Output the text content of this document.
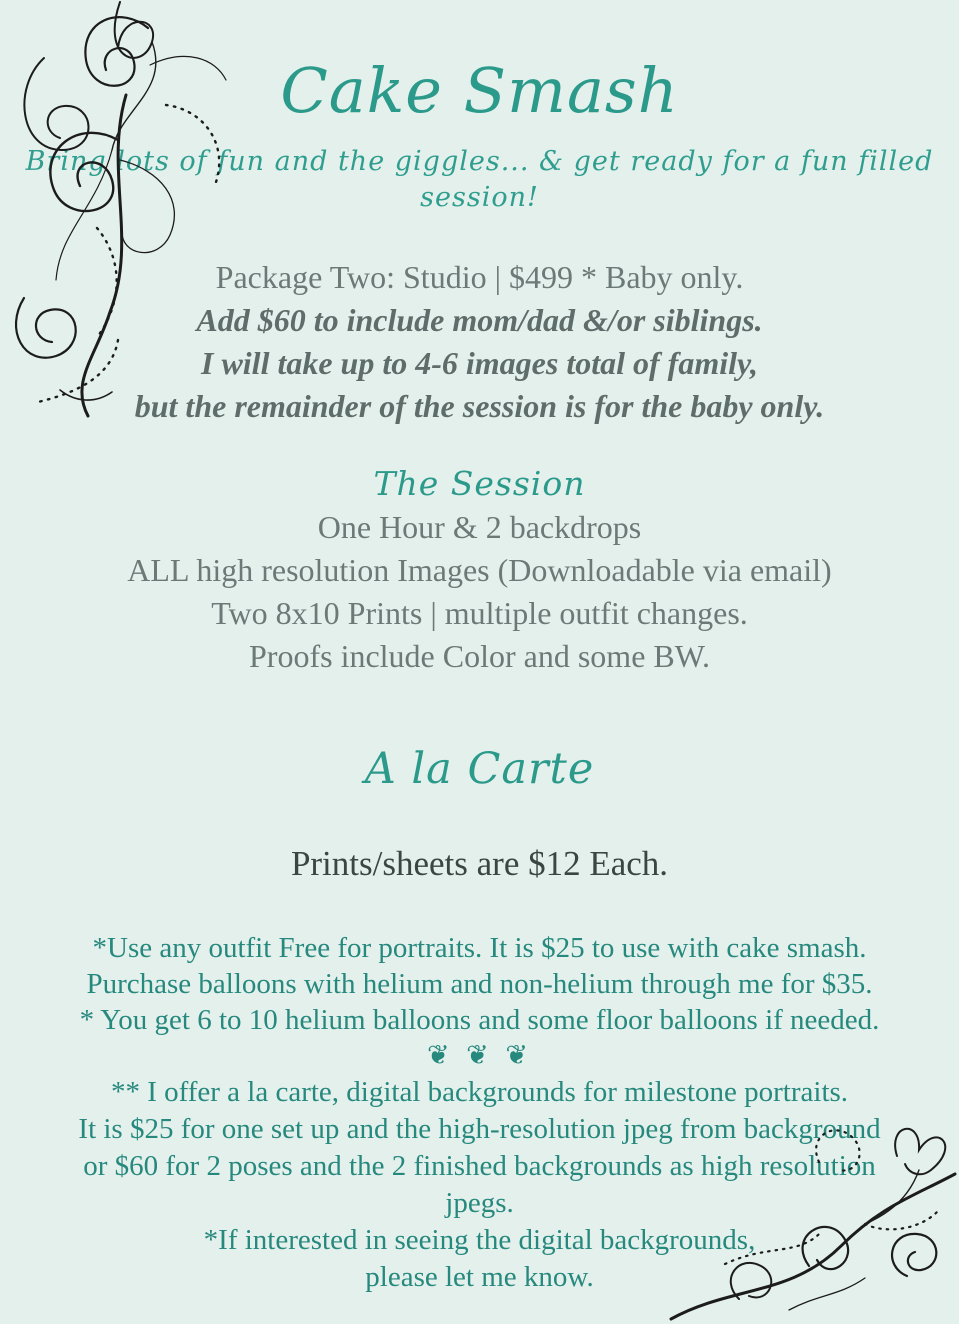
Cake Smash
Bring lots of fun and the giggles... & get ready for a fun filled session!
Package Two: Studio | $499 * Baby only.
Add $60 to include mom/dad &/or siblings.
I will take up to 4-6 images total of family,
but the remainder of the session is for the baby only.
The Session
One Hour & 2 backdrops
ALL high resolution Images (Downloadable via email)
Two 8x10 Prints | multiple outfit changes.
Proofs include Color and some BW.
A la Carte
Prints/sheets are $12 Each.
*Use any outfit Free for portraits. It is $25 to use with cake smash.
Purchase balloons with helium and non-helium through me for $35.
* You get 6 to 10 helium balloons and some floor balloons if needed.
❦ ❦ ❦
** I offer a la carte, digital backgrounds for milestone portraits.
It is $25 for one set up and the high-resolution jpeg from background
or $60 for 2 poses and the 2 finished backgrounds as high resolution
jpegs.
*If interested in seeing the digital backgrounds,
please let me know.
